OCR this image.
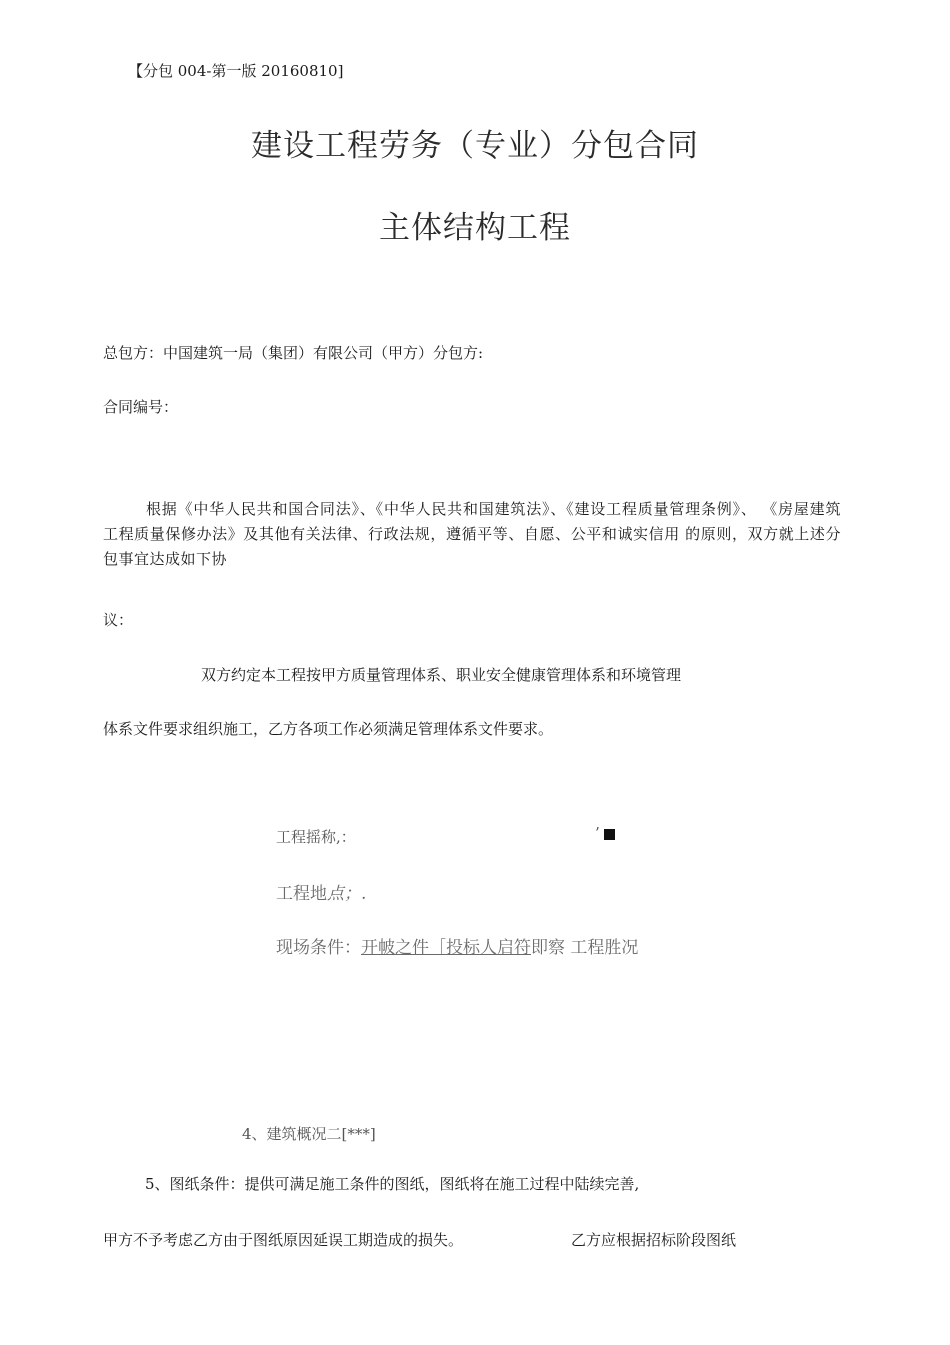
【分包 004-第一版 20160810]
建设工程劳务（专业）分包合同
主体结构工程
总包方：中国建筑一局（集团）有限公司（甲方）分包方:
合同编号：
根据《中华人民共和国合同法》、《中华人民共和国建筑法》、《建设工程质量管理条例》、 《房屋建筑工程质量保修办法》及其他有关法律、行政法规，遵循平等、自愿、公平和诚实信用 的原则，双方就上述分包事宜达成如下协
议：
双方约定本工程按甲方质量管理体系、职业安全健康管理体系和环境管理
体系文件要求组织施工，乙方各项工作必须满足管理体系文件要求。
工程摇称,：	’
工程地点；.
现场条件：开帔之件［投标人启符即察 工程胜况
4、建筑概况二[***]
5、图纸条件：提供可满足施工条件的图纸，图纸将在施工过程中陆续完善,
甲方不予考虑乙方由于图纸原因延误工期造成的损失。	乙方应根据招标阶段图纸
